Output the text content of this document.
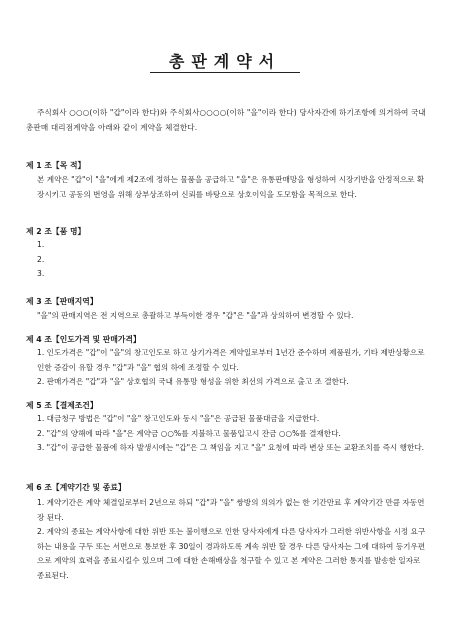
총판계약서
주식회사 ○○○(이하 "갑"이라 한다)와 주식회사○○○○(이하 "을"이라 한다) 당사자간에 하기조항에 의거하여 국내 총판매 대리점계약을 아래와 같이 계약을 체결한다.
제 1 조【목 적】
본 계약은 "갑"이 "을"에게 제2조에 정하는 물품을 공급하고 "을"은 유통판매망을 형성하여 시장기반을 안정적으로 확장시키고 공동의 번영을 위해 상부상조하여 신뢰를 바탕으로 상호이익을 도모함을 목적으로 한다.
제 2 조【품 명】
1.
2.
3.
제 3 조【판매지역】
"을"의 판매지역은 전 지역으로 총괄하고 부득이한 경우 "갑"은 "을"과 상의하여 변경할 수 있다.
제 4 조【인도가격 및 판매가격】
1. 인도가격은 "갑"이 "을"의 창고인도로 하고 상기가격은 계약일로부터 1년간 준수하며 제품원가, 기타 제반상황으로 인한 증감이 유할 경우 "갑"과 "을" 협의 하에 조정할 수 있다.
2. 판매가격은 "갑"과 "을" 상호협의 국내 유통망 형성을 위한 최선의 가격으로 출고 조 결한다.
제 5 조【결제조건】
1. 대금청구 방법은 "갑"이 "을" 창고인도와 동시 "을"은 공급된 물품대금을 지급한다.
2. "갑"의 양해에 따라 "을"은 계약금 ○○%를 지불하고 물품입고시 잔금 ○○%를 결재한다.
3. "갑"이 공급한 물품에 하자 발생시에는 "갑"은 그 책임을 지고 "을" 요청에 따라 변상 또는 교환조치를 즉시 행한다.
제 6 조【계약기간 및 종료】
1. 계약기간은 계약 체결일로부터 2년으로 하되 "갑"과 "을" 쌍방의 의의가 없는 한 기간만료 후 계약기간 만큼 자동연장 된다.
2. 계약의 종료는 계약사항에 대한 위반 또는 불이행으로 인한 당사자에게 다른 당사자가 그러한 위반사항을 시정 요구하는 내용을 구두 또는 서면으로 통보한 후 30일이 경과하도록 계속 위반 할 경우 다른 당사자는 그에 대하여 등기우편으로 계약의 효력을 종료시킬수 있으며 그에 대한 손해배상을 청구할 수 있고 본 계약은 그러한 통지를 발송한 일자로 종료된다.
